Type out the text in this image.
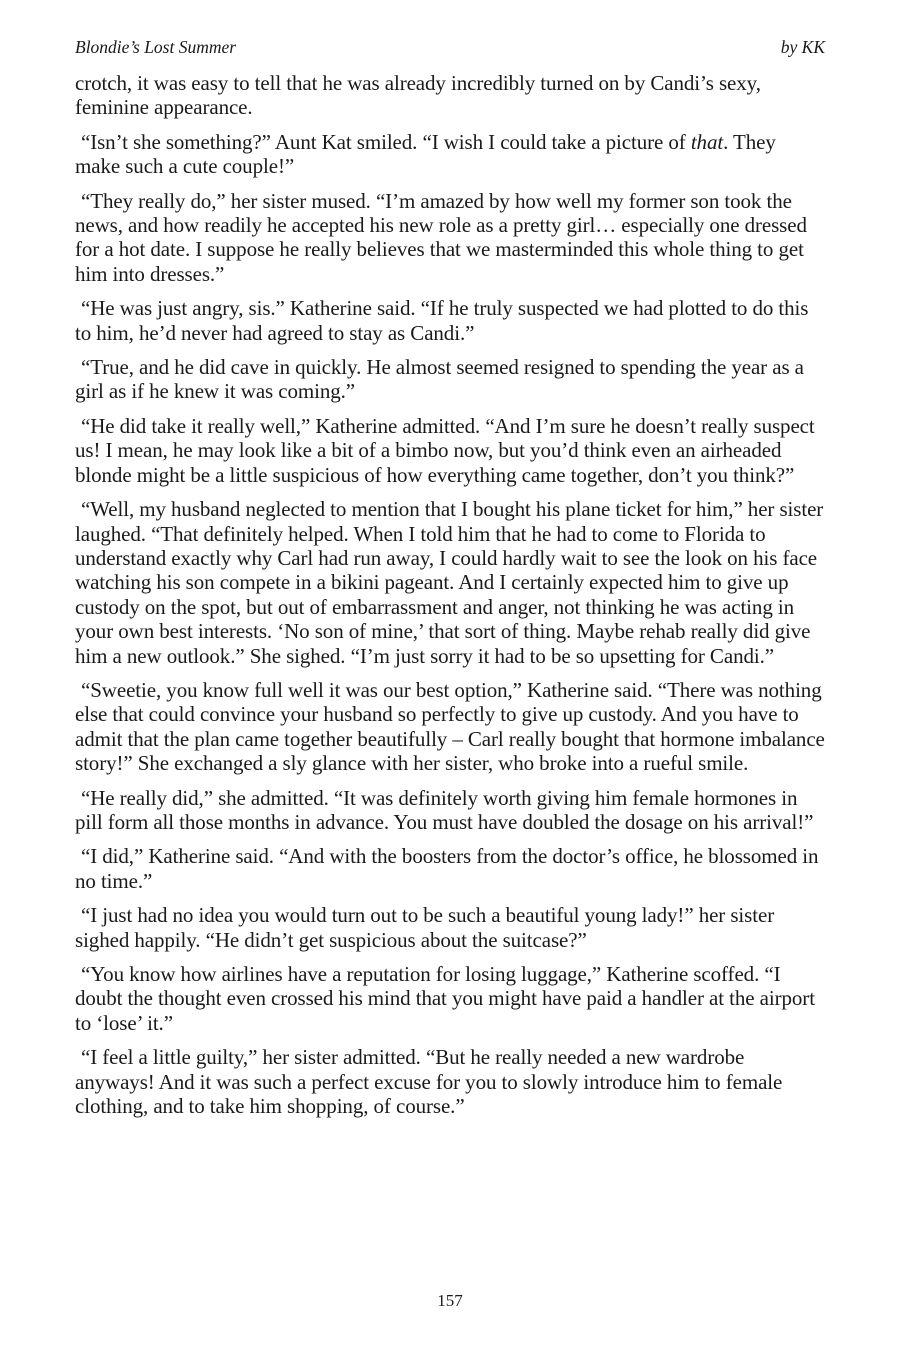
Blondie’s Lost Summer	by KK

crotch, it was easy to tell that he was already incredibly turned on by Candi’s sexy, feminine appearance.

“Isn’t she something?” Aunt Kat smiled. “I wish I could take a picture of that. They make such a cute couple!”

“They really do,” her sister mused. “I’m amazed by how well my former son took the news, and how readily he accepted his new role as a pretty girl… especially one dressed for a hot date. I suppose he really believes that we masterminded this whole thing to get him into dresses.”

“He was just angry, sis.” Katherine said. “If he truly suspected we had plotted to do this to him, he’d never had agreed to stay as Candi.”

“True, and he did cave in quickly. He almost seemed resigned to spending the year as a girl as if he knew it was coming.”

“He did take it really well,” Katherine admitted. “And I’m sure he doesn’t really suspect us! I mean, he may look like a bit of a bimbo now, but you’d think even an airheaded blonde might be a little suspicious of how everything came together, don’t you think?”

“Well, my husband neglected to mention that I bought his plane ticket for him,” her sister laughed. “That definitely helped. When I told him that he had to come to Florida to understand exactly why Carl had run away, I could hardly wait to see the look on his face watching his son compete in a bikini pageant. And I certainly expected him to give up custody on the spot, but out of embarrassment and anger, not thinking he was acting in your own best interests. ‘No son of mine,’ that sort of thing. Maybe rehab really did give him a new outlook.” She sighed. “I’m just sorry it had to be so upsetting for Candi.”

“Sweetie, you know full well it was our best option,” Katherine said. “There was nothing else that could convince your husband so perfectly to give up custody. And you have to admit that the plan came together beautifully – Carl really bought that hormone imbalance story!” She exchanged a sly glance with her sister, who broke into a rueful smile.

“He really did,” she admitted. “It was definitely worth giving him female hormones in pill form all those months in advance. You must have doubled the dosage on his arrival!”

“I did,” Katherine said. “And with the boosters from the doctor’s office, he blossomed in no time.”

“I just had no idea you would turn out to be such a beautiful young lady!” her sister sighed happily. “He didn’t get suspicious about the suitcase?”

“You know how airlines have a reputation for losing luggage,” Katherine scoffed. “I doubt the thought even crossed his mind that you might have paid a handler at the airport to ‘lose’ it.”

“I feel a little guilty,” her sister admitted. “But he really needed a new wardrobe anyways! And it was such a perfect excuse for you to slowly introduce him to female clothing, and to take him shopping, of course.”

157
